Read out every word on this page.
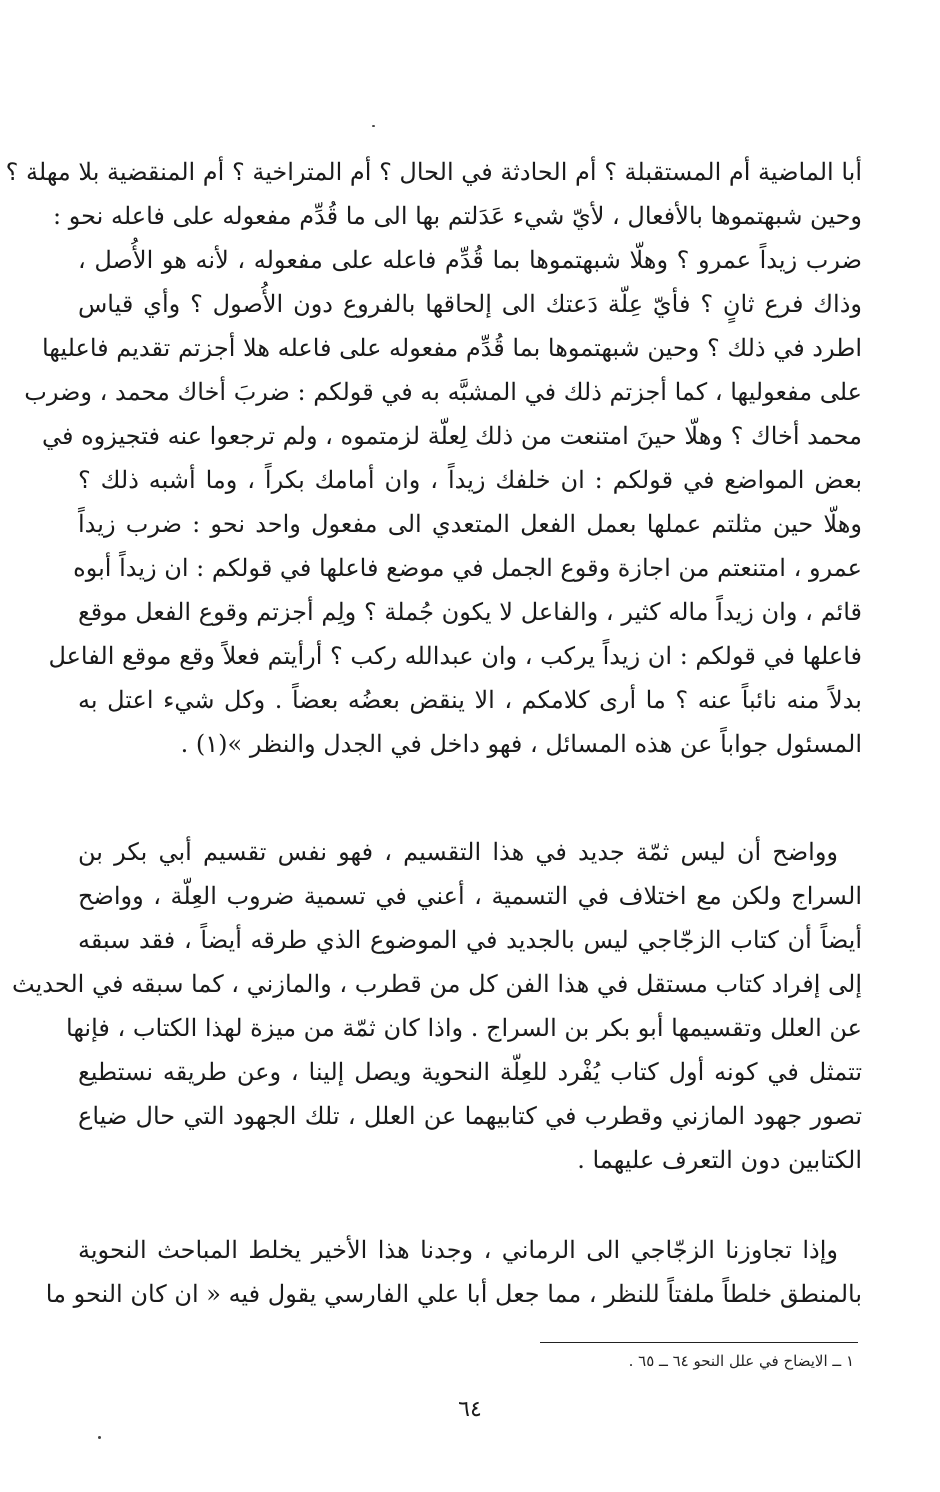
أبا الماضية أم المستقبلة ؟ أم الحادثة في الحال ؟ أم المتراخية ؟ أم المنقضية بلا مهلة ؟
وحين شبهتموها بالأفعال ، لأيّ شيء عَدَلتم بها الى ما قُدِّم مفعوله على فاعله نحو :
ضرب زيداً عمرو ؟ وهلّا شبهتموها بما قُدِّم فاعله على مفعوله ، لأنه هو الأُصل ،
وذاك فرع ثانٍ ؟ فأيّ عِلّة دَعتك الى إلحاقها بالفروع دون الأُصول ؟ وأي قياس
اطرد في ذلك ؟ وحين شبهتموها بما قُدِّم مفعوله على فاعله هلا أجزتم تقديم فاعليها
على مفعوليها ، كما أجزتم ذلك في المشبَّه به في قولكم : ضربَ أخاك محمد ، وضرب
محمد أخاك ؟ وهلّا حينَ امتنعت من ذلك لِعلّة لزمتموه ، ولم ترجعوا عنه فتجيزوه في
بعض المواضع في قولكم : ان خلفك زيداً ، وان أمامك بكراً ، وما أشبه ذلك ؟
وهلّا حين مثلتم عملها بعمل الفعل المتعدي الى مفعول واحد نحو : ضرب زيداً
عمرو ، امتنعتم من اجازة وقوع الجمل في موضع فاعلها في قولكم : ان زيداً أبوه
قائم ، وان زيداً ماله كثير ، والفاعل لا يكون جُملة ؟ ولِم أجزتم وقوع الفعل موقع
فاعلها في قولكم : ان زيداً يركب ، وان عبدالله ركب ؟ أرأيتم فعلاً وقع موقع الفاعل
بدلاً منه نائباً عنه ؟ ما أرى كلامكم ، الا ينقض بعضُه بعضاً . وكل شيء اعتل به
المسئول جواباً عن هذه المسائل ، فهو داخل في الجدل والنظر »(١) .
وواضح أن ليس ثمّة جديد في هذا التقسيم ، فهو نفس تقسيم أبي بكر بن
السراج ولكن مع اختلاف في التسمية ، أعني في تسمية ضروب العِلّة ، وواضح
أيضاً أن كتاب الزجّاجي ليس بالجديد في الموضوع الذي طرقه أيضاً ، فقد سبقه
إلى إفراد كتاب مستقل في هذا الفن كل من قطرب ، والمازني ، كما سبقه في الحديث
عن العلل وتقسيمها أبو بكر بن السراج . واذا كان ثمّة من ميزة لهذا الكتاب ، فإنها
تتمثل في كونه أول كتاب يُفْرد للعِلّة النحوية ويصل إلينا ، وعن طريقه نستطيع
تصور جهود المازني وقطرب في كتابيهما عن العلل ، تلك الجهود التي حال ضياع
الكتابين دون التعرف عليهما .
وإذا تجاوزنا الزجّاجي الى الرماني ، وجدنا هذا الأخير يخلط المباحث النحوية
بالمنطق خلطاً ملفتاً للنظر ، مما جعل أبا علي الفارسي يقول فيه « ان كان النحو ما
١ ــ الايضاح في علل النحو ٦٤ ــ ٦٥ .
٦٤
